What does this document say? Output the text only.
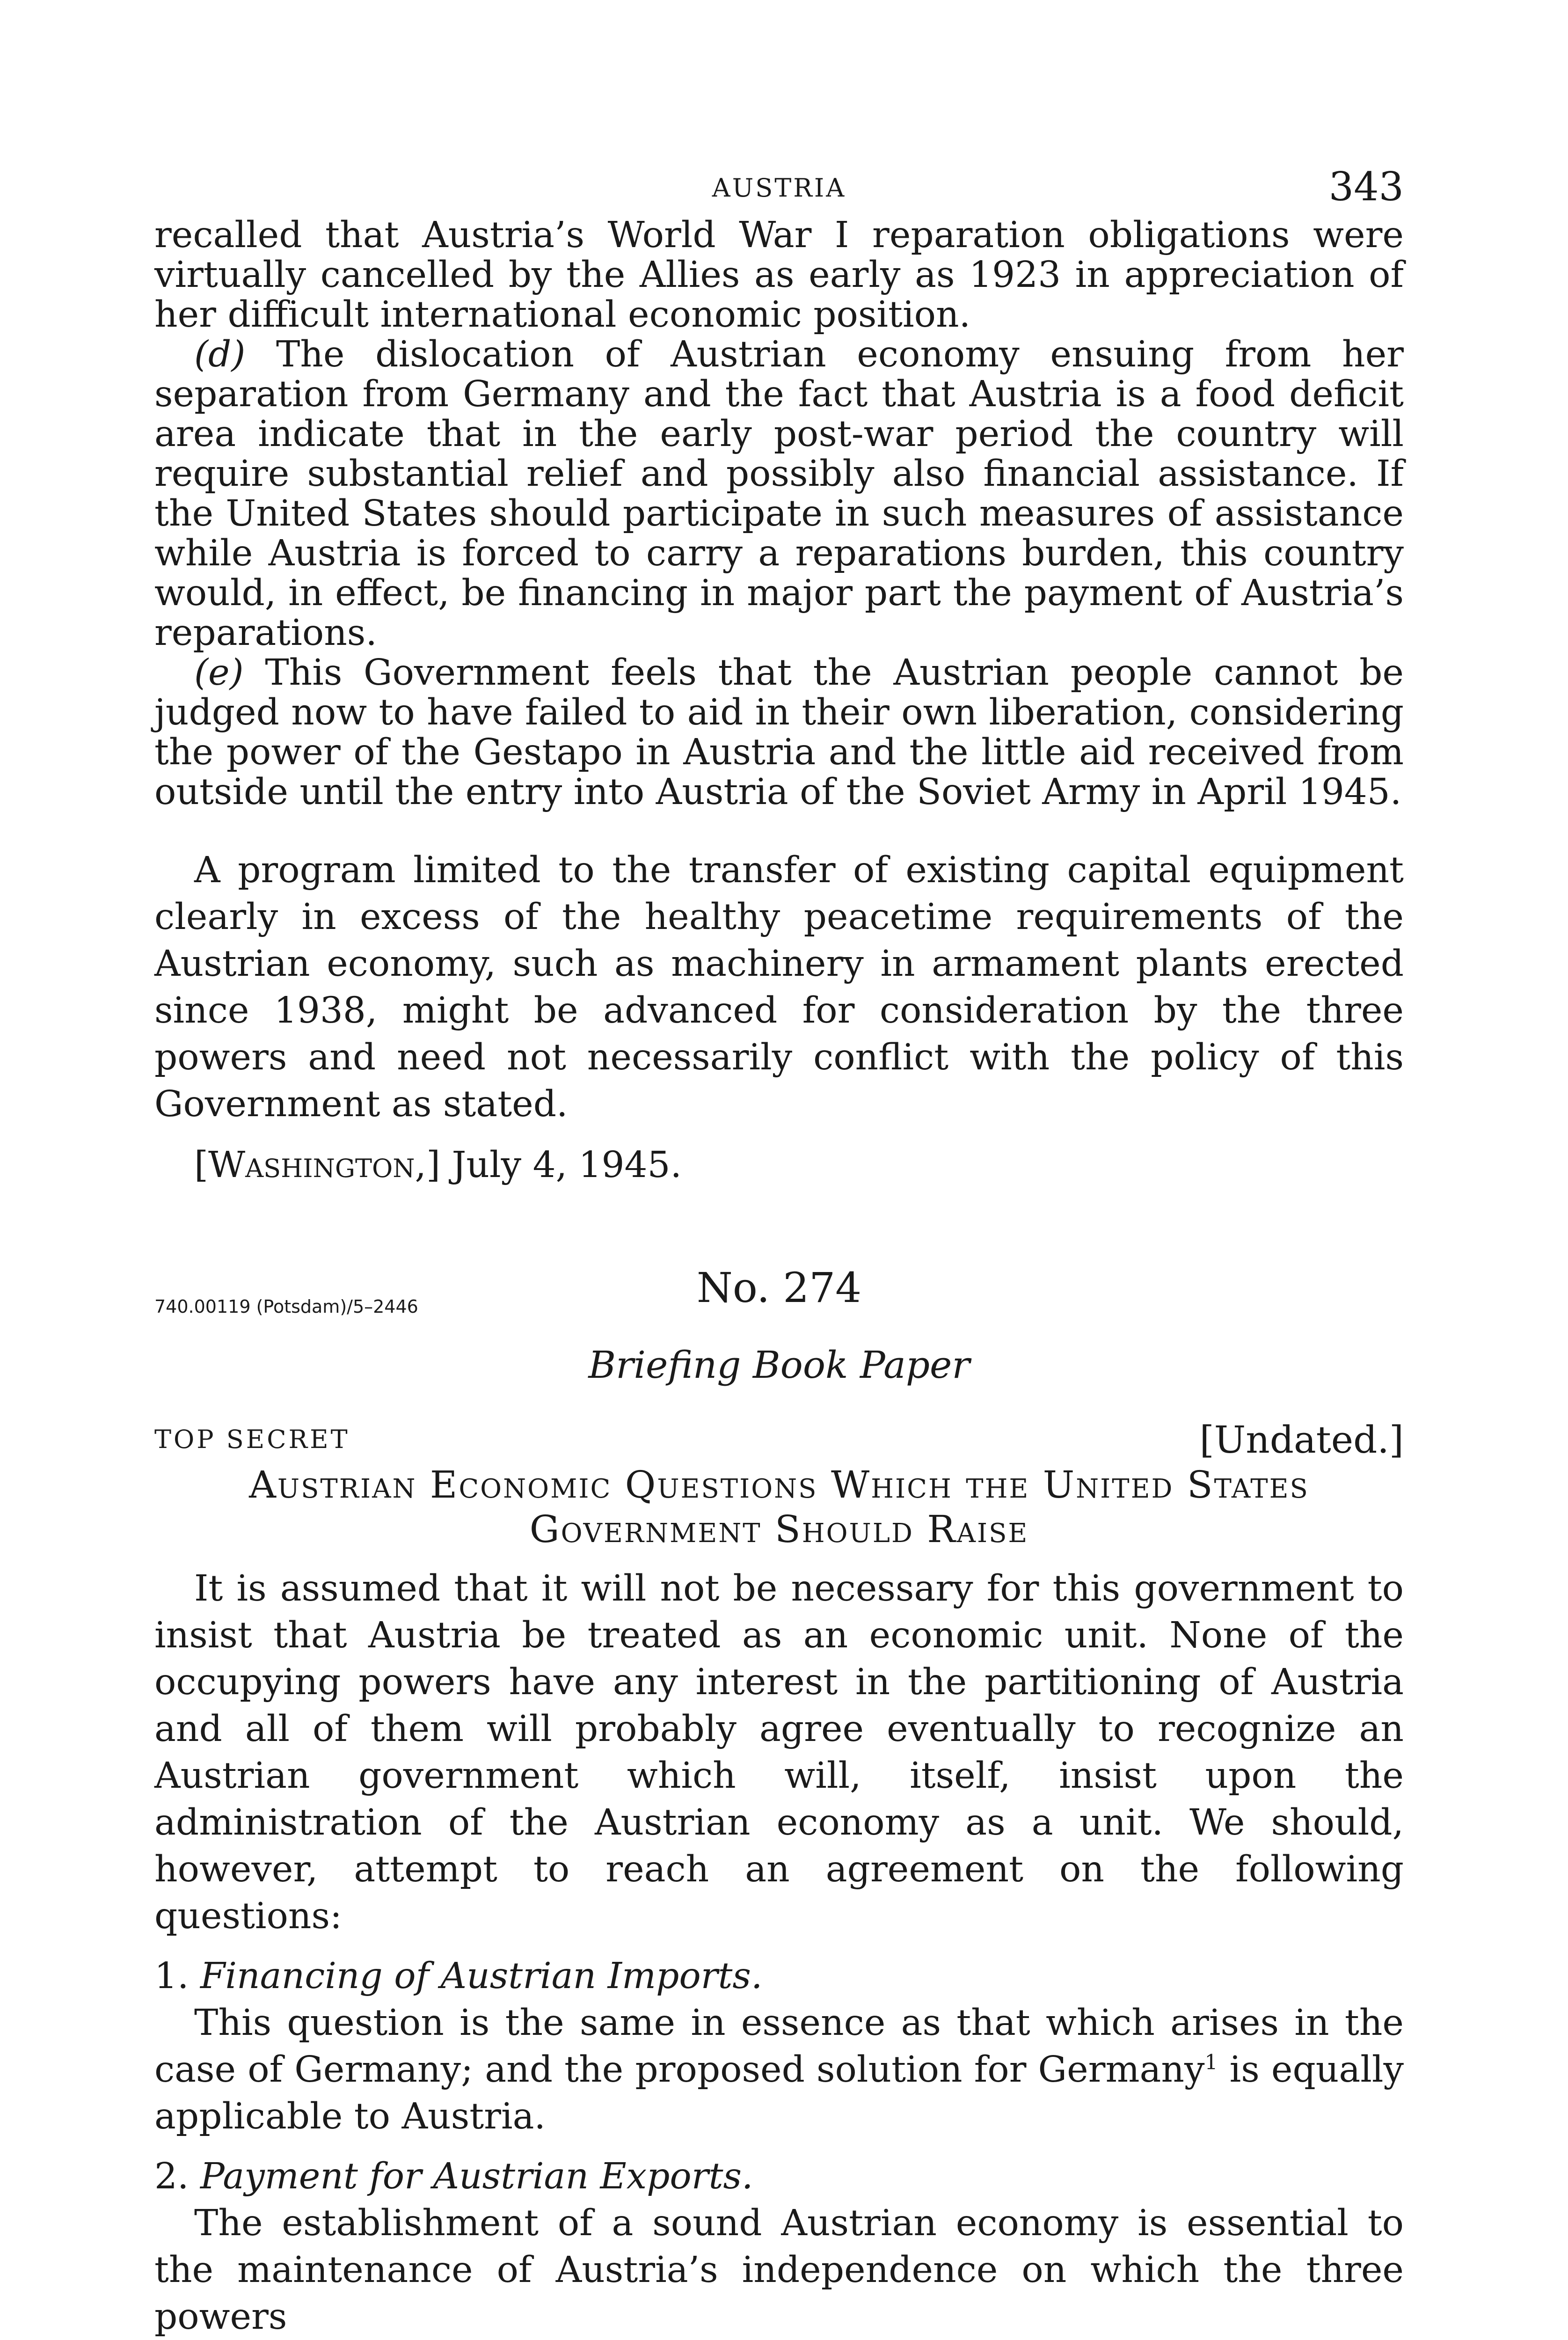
AUSTRIA	343

recalled that Austria’s World War I reparation obligations were virtually cancelled by the Allies as early as 1923 in appreciation of her difficult international economic position.

(d) The dislocation of Austrian economy ensuing from her separation from Germany and the fact that Austria is a food deficit area indicate that in the early post-war period the country will require substantial relief and possibly also financial assistance. If the United States should participate in such measures of assistance while Austria is forced to carry a reparations burden, this country would, in effect, be financing in major part the payment of Austria’s reparations.

(e) This Government feels that the Austrian people cannot be judged now to have failed to aid in their own liberation, considering the power of the Gestapo in Austria and the little aid received from outside until the entry into Austria of the Soviet Army in April 1945.

A program limited to the transfer of existing capital equipment clearly in excess of the healthy peacetime requirements of the Austrian economy, such as machinery in armament plants erected since 1938, might be advanced for consideration by the three powers and need not necessarily conflict with the policy of this Government as stated.

[Washington,] July 4, 1945.

No. 274
740.00119 (Potsdam)/5–2446
Briefing Book Paper
TOP SECRET	[Undated.]
Austrian Economic Questions Which the United States
Government Should Raise

It is assumed that it will not be necessary for this government to insist that Austria be treated as an economic unit. None of the occupying powers have any interest in the partitioning of Austria and all of them will probably agree eventually to recognize an Austrian government which will, itself, insist upon the administration of the Austrian economy as a unit. We should, however, attempt to reach an agreement on the following questions:

1. Financing of Austrian Imports.

This question is the same in essence as that which arises in the case of Germany; and the proposed solution for Germany$^1$ is equally applicable to Austria.

2. Payment for Austrian Exports.

The establishment of a sound Austrian economy is essential to the maintenance of Austria’s independence on which the three powers
